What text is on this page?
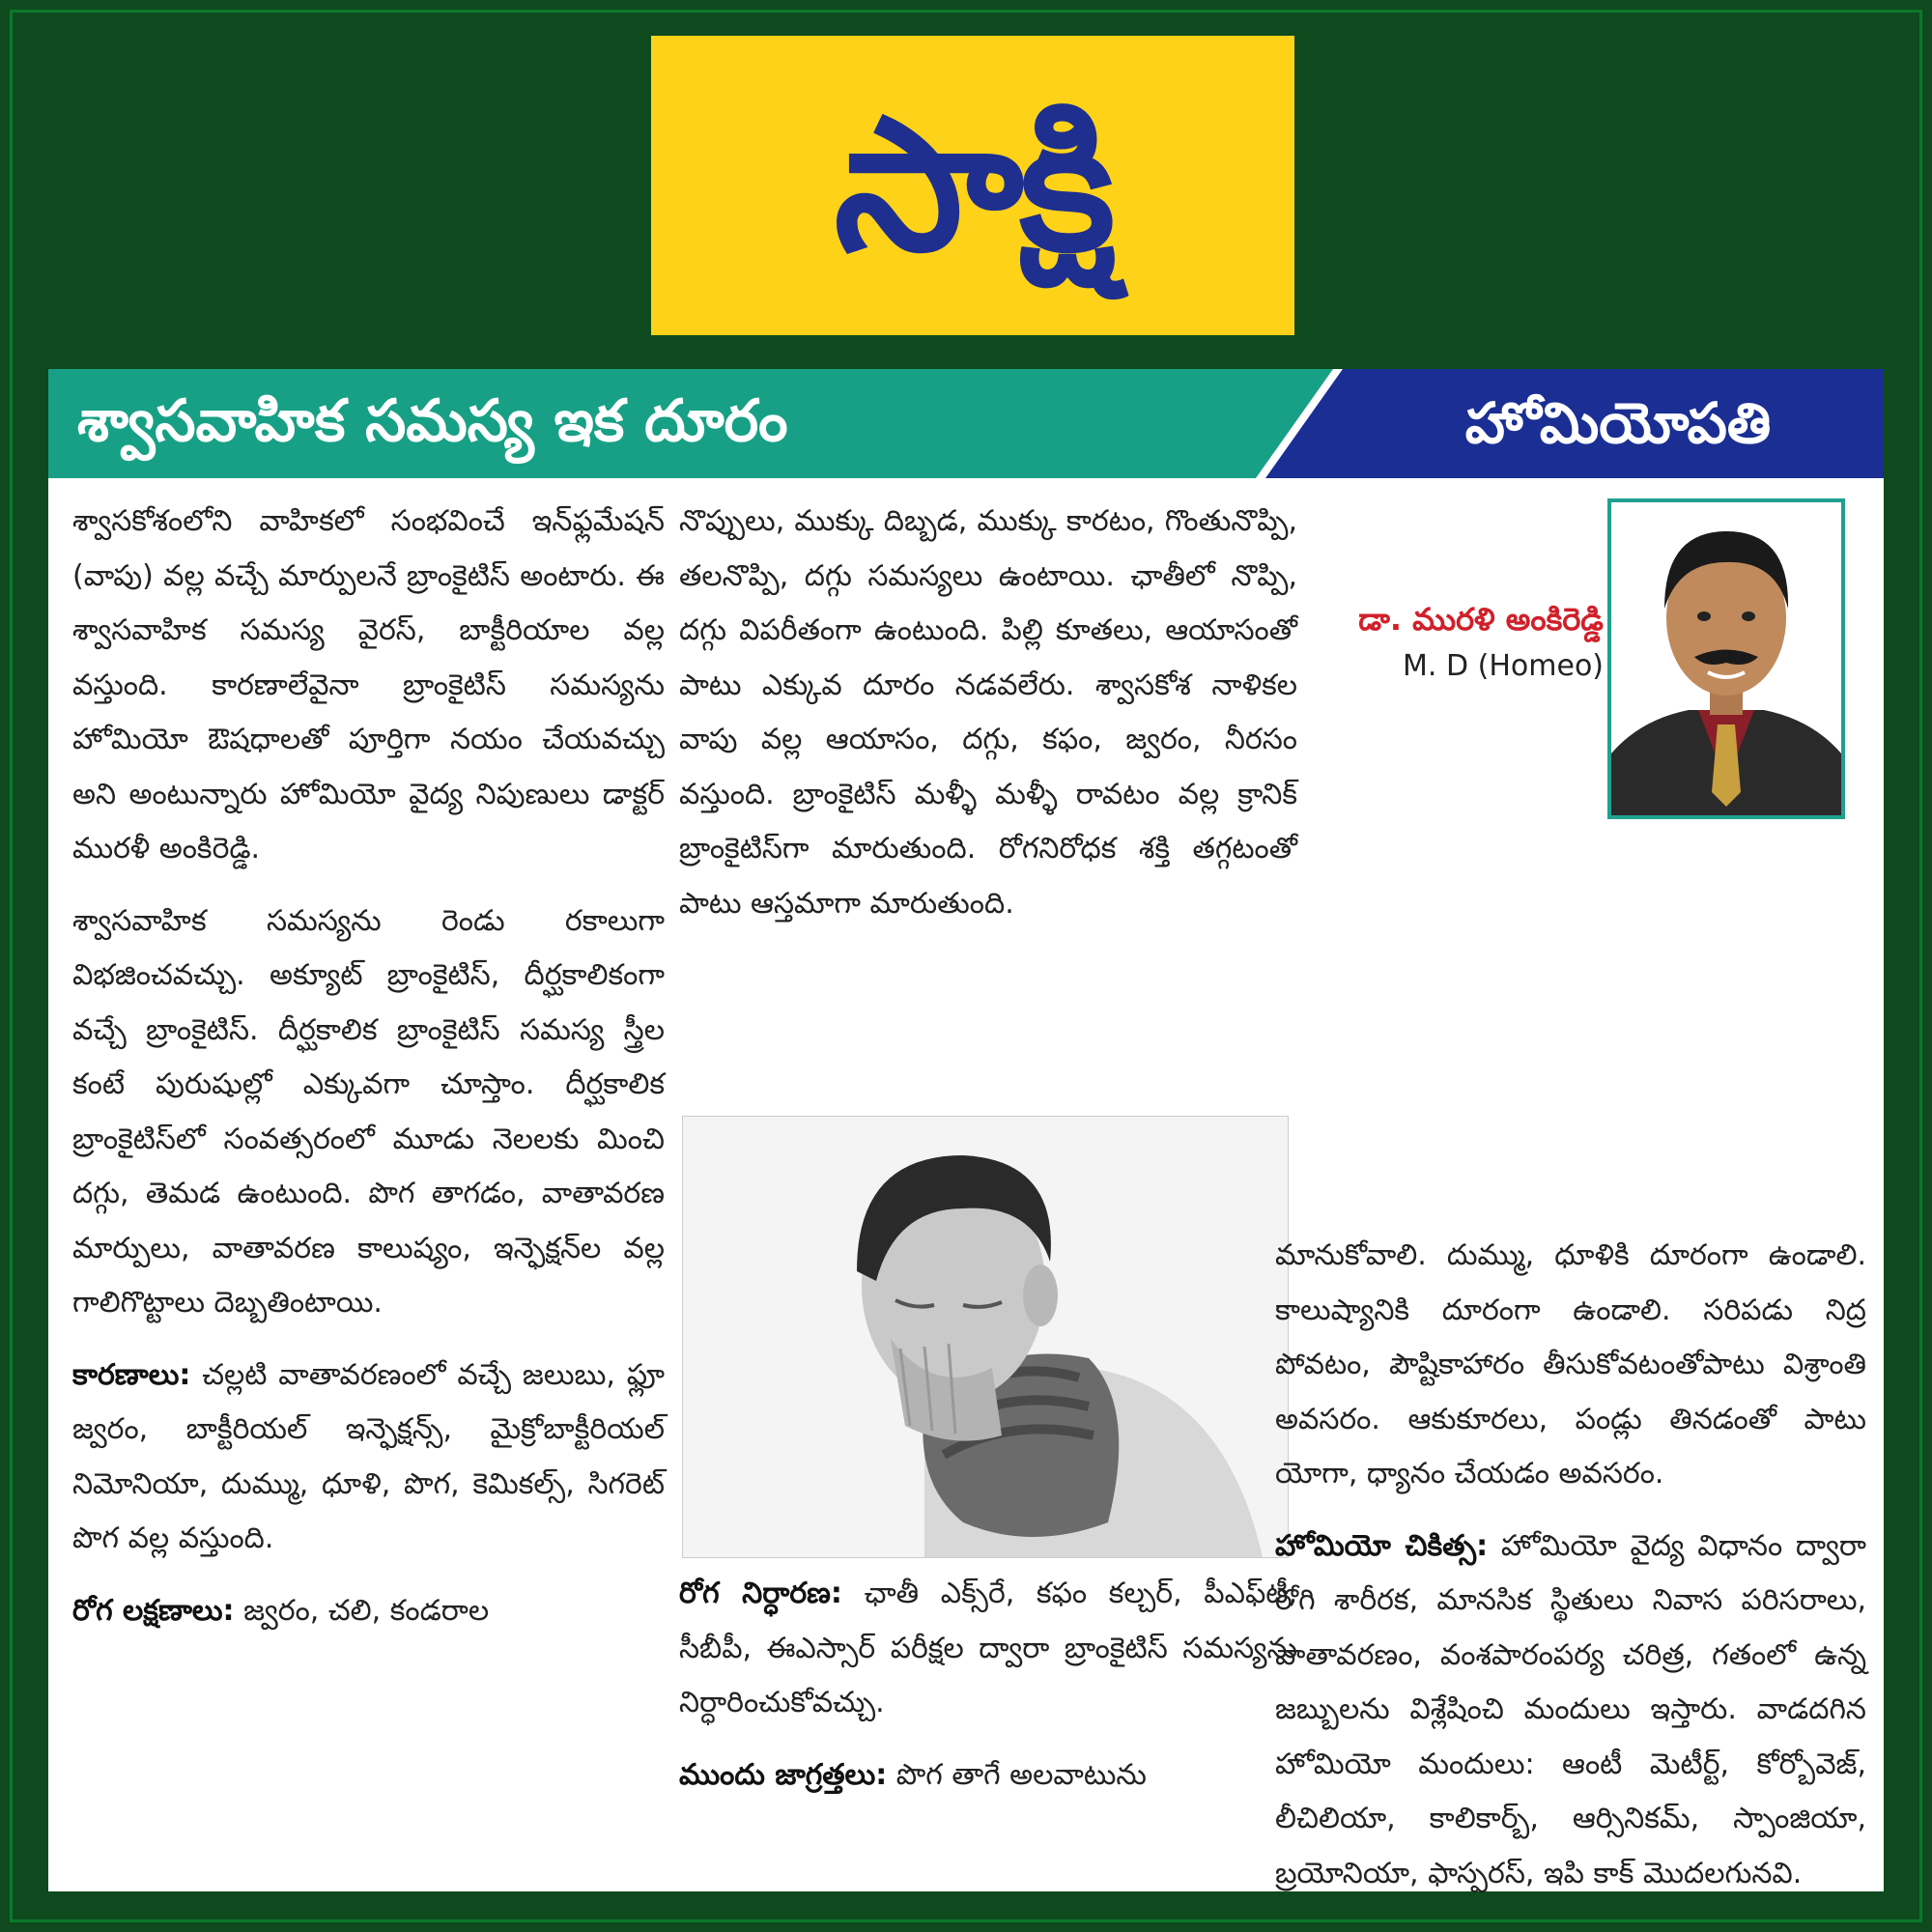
సాక్షి
శ్వాసవాహిక సమస్య ఇక దూరం	హోమియోపతి

శ్వాసకోశంలోని వాహికలో సంభవించే ఇన్‌ఫ్లమేషన్ (వాపు) వల్ల వచ్చే మార్పులనే బ్రాంకైటిస్ అంటారు. ఈ శ్వాసవాహిక సమస్య వైరస్, బాక్టీరియాల వల్ల వస్తుంది. కారణాలేవైనా బ్రాంకైటిస్ సమస్యను హోమియో ఔషధాలతో పూర్తిగా నయం చేయవచ్చు అని అంటున్నారు హోమియో వైద్య నిపుణులు డాక్టర్ మురళీ అంకిరెడ్డి.

శ్వాసవాహిక సమస్యను రెండు రకాలుగా విభజించవచ్చు. అక్యూట్ బ్రాంకైటిస్, దీర్ఘకాలికంగా వచ్చే బ్రాంకైటిస్. దీర్ఘకాలిక బ్రాంకైటిస్ సమస్య స్త్రీల కంటే పురుషుల్లో ఎక్కువగా చూస్తాం. దీర్ఘకాలిక బ్రాంకైటిస్‌లో సంవత్సరంలో మూడు నెలలకు మించి దగ్గు, తెమడ ఉంటుంది. పొగ తాగడం, వాతావరణ మార్పులు, వాతావరణ కాలుష్యం, ఇన్ఫెక్షన్‌ల వల్ల గాలిగొట్టాలు దెబ్బతింటాయి.

కారణాలు: చల్లటి వాతావరణంలో వచ్చే జలుబు, ఫ్లూ జ్వరం, బాక్టీరియల్ ఇన్ఫెక్షన్స్, మైక్రోబాక్టీరియల్ నిమోనియా, దుమ్ము, ధూళి, పొగ, కెమికల్స్, సిగరెట్ పొగ వల్ల వస్తుంది.

రోగ లక్షణాలు: జ్వరం, చలి, కండరాల

నొప్పులు, ముక్కు దిబ్బడ, ముక్కు కారటం, గొంతునొప్పి, తలనొప్పి, దగ్గు సమస్యలు ఉంటాయి. ఛాతీలో నొప్పి, దగ్గు విపరీతంగా ఉంటుంది. పిల్లి కూతలు, ఆయాసంతో పాటు ఎక్కువ దూరం నడవలేరు. శ్వాసకోశ నాళికల వాపు వల్ల ఆయాసం, దగ్గు, కఫం, జ్వరం, నీరసం వస్తుంది. బ్రాంకైటిస్ మళ్ళీ మళ్ళీ రావటం వల్ల క్రానిక్ బ్రాంకైటిస్‌గా మారుతుంది. రోగనిరోధక శక్తి తగ్గటంతో పాటు ఆస్తమాగా మారుతుంది.

రోగ నిర్ధారణ: ఛాతీ ఎక్స్‌రే, కఫం కల్చర్, పీఎఫ్‌టీ, సీబీపీ, ఈఎస్సార్ పరీక్షల ద్వారా బ్రాంకైటిస్ సమస్యను నిర్ధారించుకోవచ్చు.

ముందు జాగ్రత్తలు: పొగ తాగే అలవాటును

డా. మురళి అంకిరెడ్డి
M. D (Homeo)

మానుకోవాలి. దుమ్ము, ధూళికి దూరంగా ఉండాలి. కాలుష్యానికి దూరంగా ఉండాలి. సరిపడు నిద్ర పోవటం, పౌష్టికాహారం తీసుకోవటంతోపాటు విశ్రాంతి అవసరం. ఆకుకూరలు, పండ్లు తినడంతో పాటు యోగా, ధ్యానం చేయడం అవసరం.

హోమియో చికిత్స: హోమియో వైద్య విధానం ద్వారా రోగి శారీరక, మానసిక స్థితులు నివాస పరిసరాలు, వాతావరణం, వంశపారంపర్య చరిత్ర, గతంలో ఉన్న జబ్బులను విశ్లేషించి మందులు ఇస్తారు. వాడదగిన హోమియో మందులు: ఆంటీ మెటీర్ట్, కోర్బోవెజ్, లీచిలియా, కాలికార్బ్, ఆర్సినికమ్, స్పాంజియా, బ్రయోనియా, ఫాస్పరస్, ఇపి కాక్ మొదలగునవి.
